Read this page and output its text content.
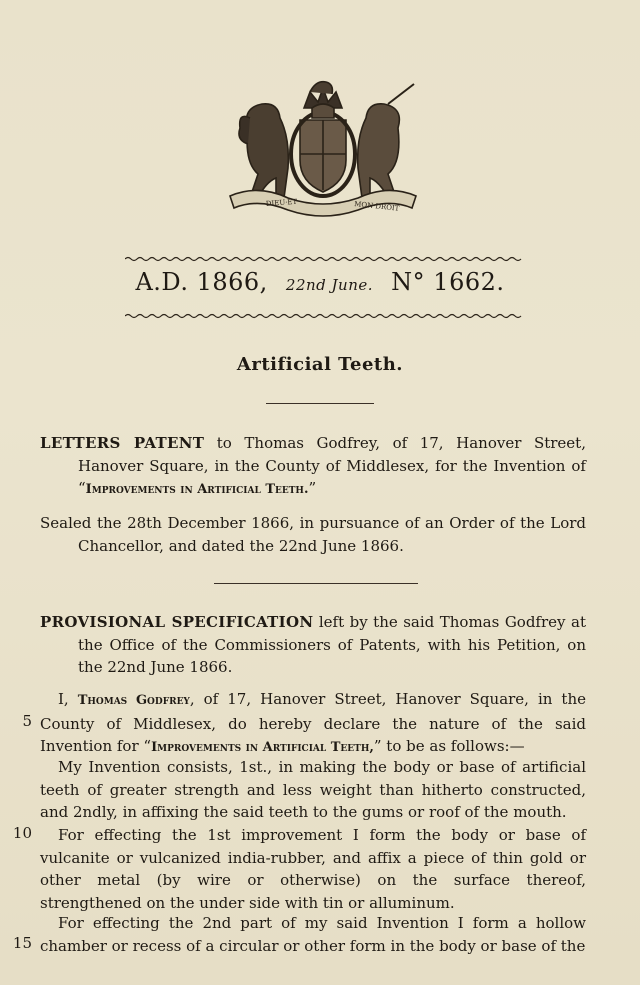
DIEU·ET	MON·DROIT
A.D. 1866, 22nd June. N° 1662.
Artificial Teeth.
LETTERS PATENT to Thomas Godfrey, of 17, Hanover Street, Hanover Square, in the County of Middlesex, for the Invention of “Improvements in Artificial Teeth.”
Sealed the 28th December 1866, in pursuance of an Order of the Lord Chancellor, and dated the 22nd June 1866.
PROVISIONAL SPECIFICATION left by the said Thomas Godfrey at the Office of the Commissioners of Patents, with his Petition, on the 22nd June 1866.
I, Thomas Godfrey, of 17, Hanover Street, Hanover Square, in the County of Middlesex, do hereby declare the nature of the said Invention for “Improvements in Artificial Teeth,” to be as follows:—
My Invention consists, 1st., in making the body or base of artificial teeth of greater strength and less weight than hitherto constructed, and 2ndly, in affixing the said teeth to the gums or roof of the mouth.
For effecting the 1st improvement I form the body or base of vulcanite or vulcanized india-rubber, and affix a piece of thin gold or other metal (by wire or otherwise) on the surface thereof, strengthened on the under side with tin or alluminum.
For effecting the 2nd part of my said Invention I form a hollow chamber or recess of a circular or other form in the body or base of the
5
10
15
